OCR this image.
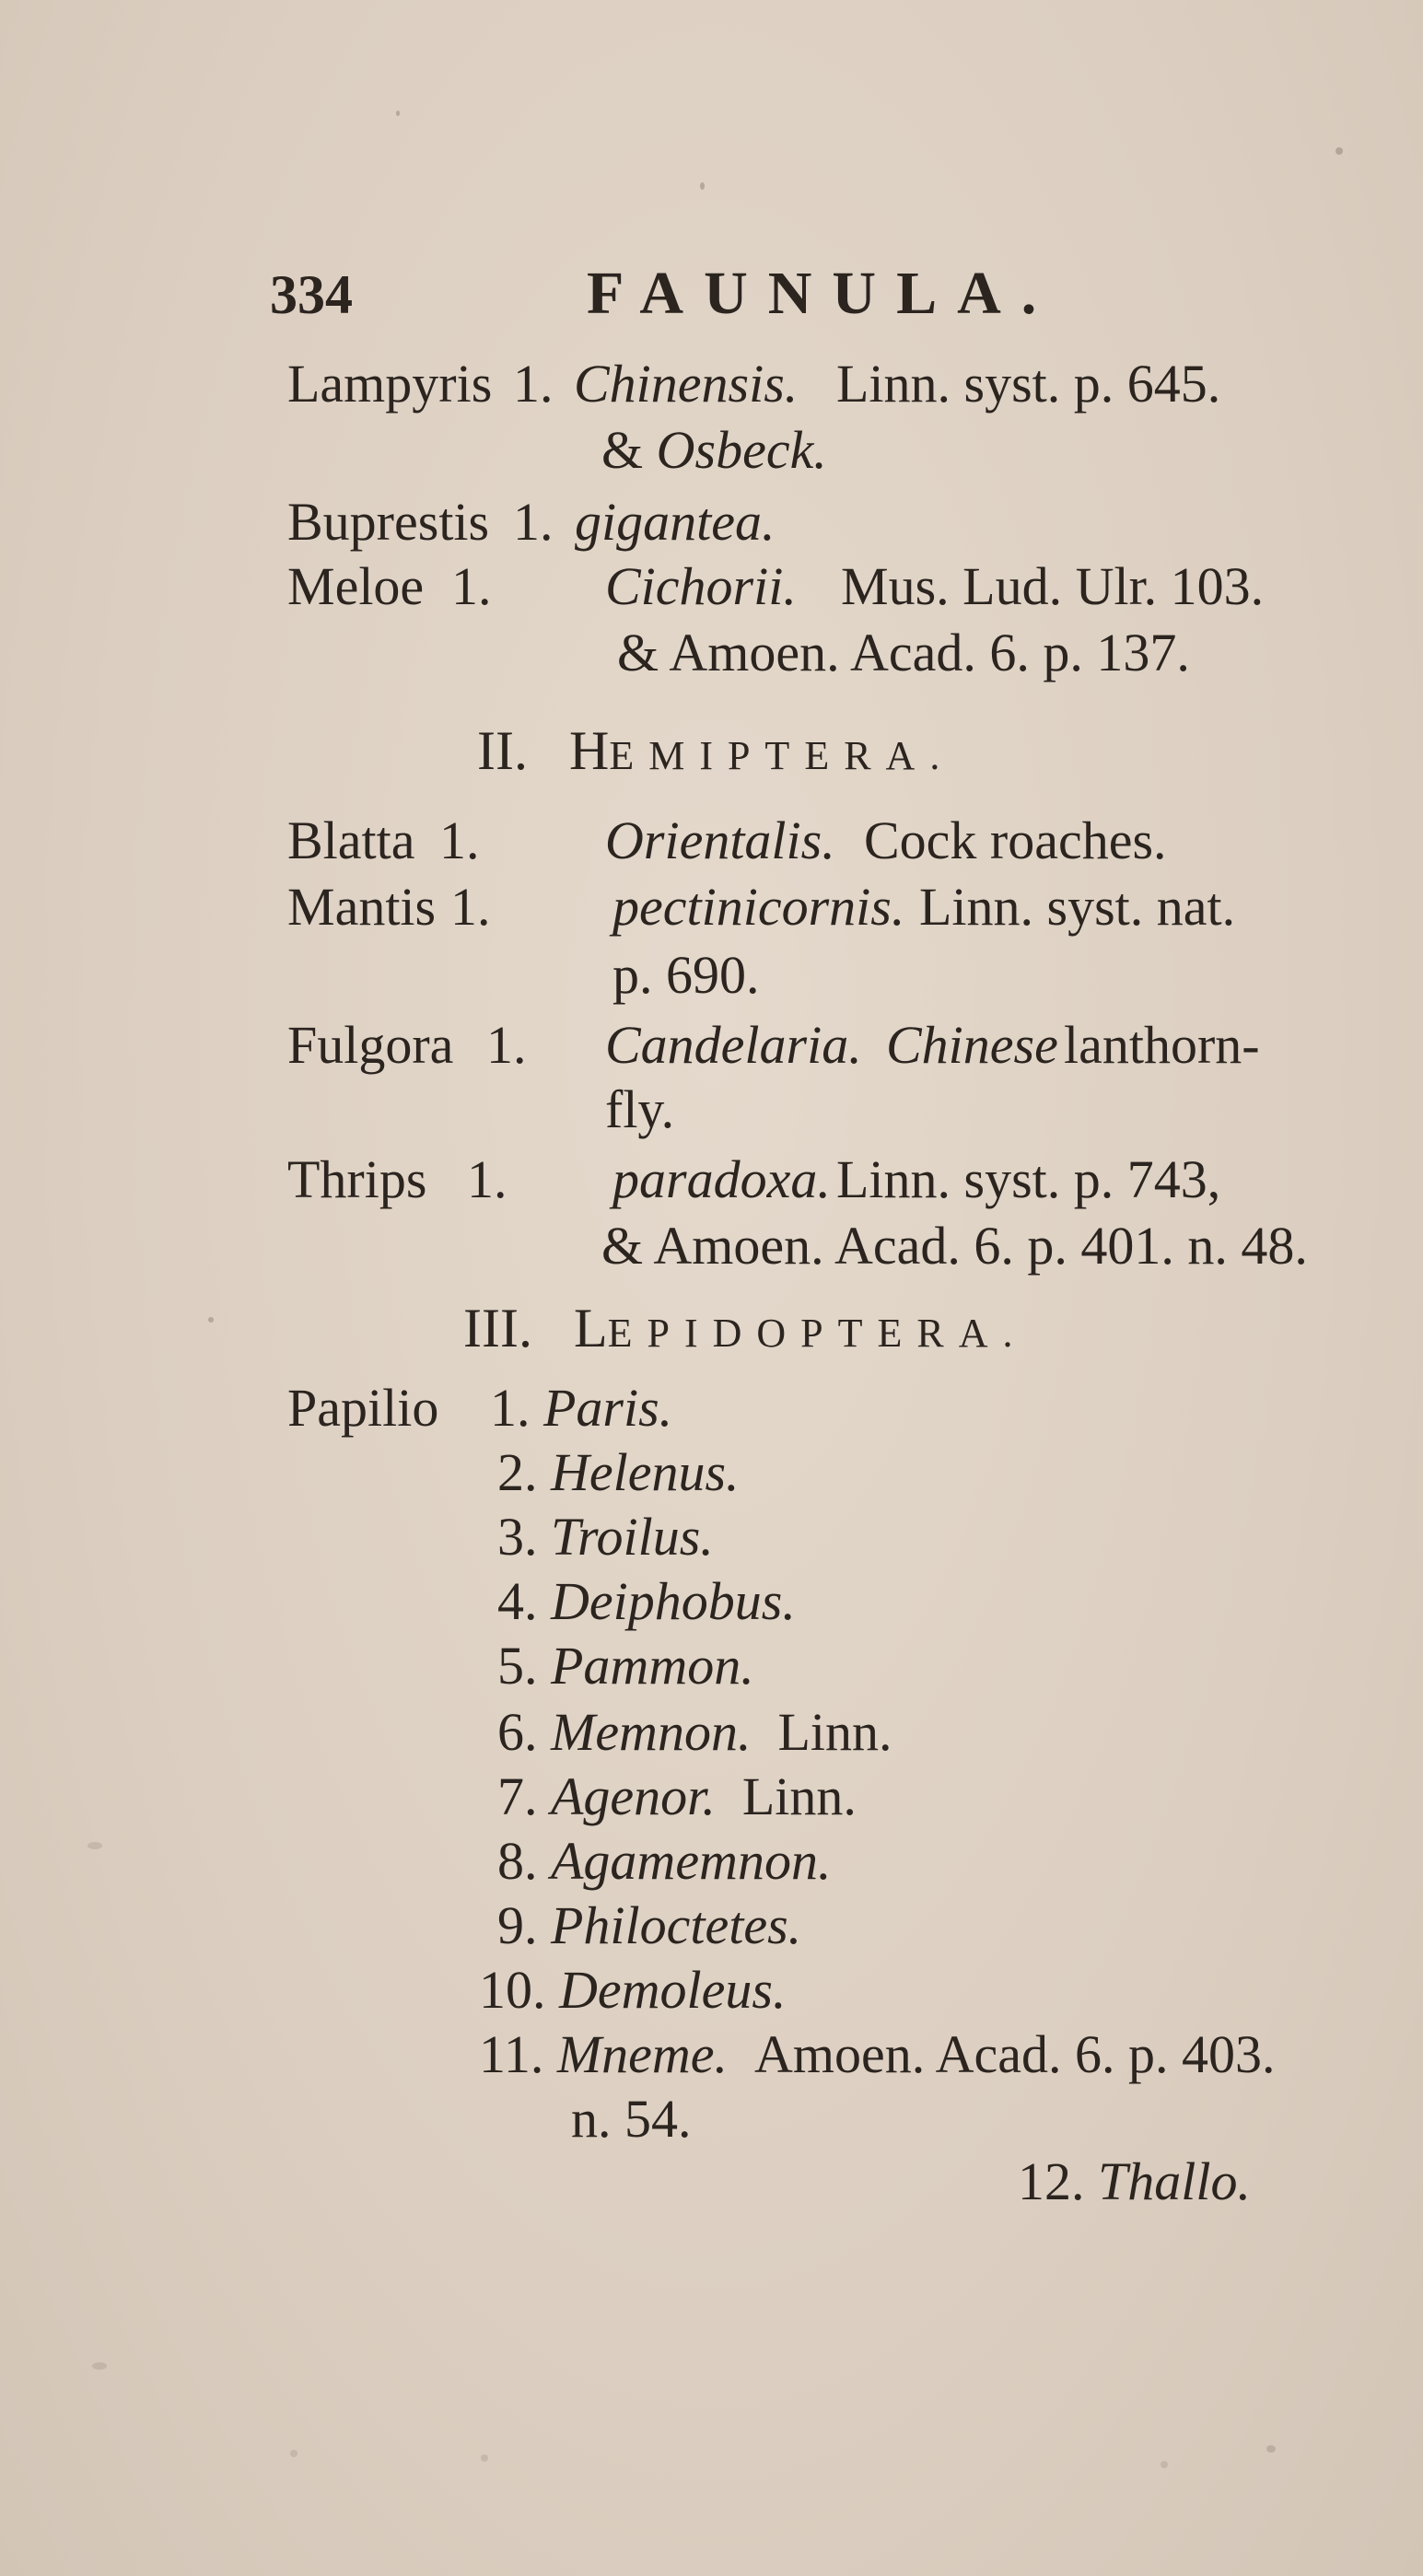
334	FAUNULA.
Lampyris 1. Chinensis. Linn. syst. p. 645.
& Osbeck.
Buprestis 1. gigantea.
Meloe 1. Cichorii. Mus. Lud. Ulr. 103.
& Amoen. Acad. 6. p. 137.
II. HEMIPTERA.
Blatta 1. Orientalis. Cock roaches.
Mantis 1. pectinicornis. Linn. syst. nat.
p. 690.
Fulgora 1. Candelaria. Chinese lanthorn-
fly.
Thrips 1. paradoxa. Linn. syst. p. 743,
& Amoen. Acad. 6. p. 401. n. 48.
III. LEPIDOPTERA.
Papilio 1. Paris.
2. Helenus.
3. Troilus.
4. Deiphobus.
5. Pammon.
6. Memnon. Linn.
7. Agenor. Linn.
8. Agamemnon.
9. Philoctetes.
10. Demoleus.
11. Mneme. Amoen. Acad. 6. p. 403.
n. 54.
12. Thallo.
